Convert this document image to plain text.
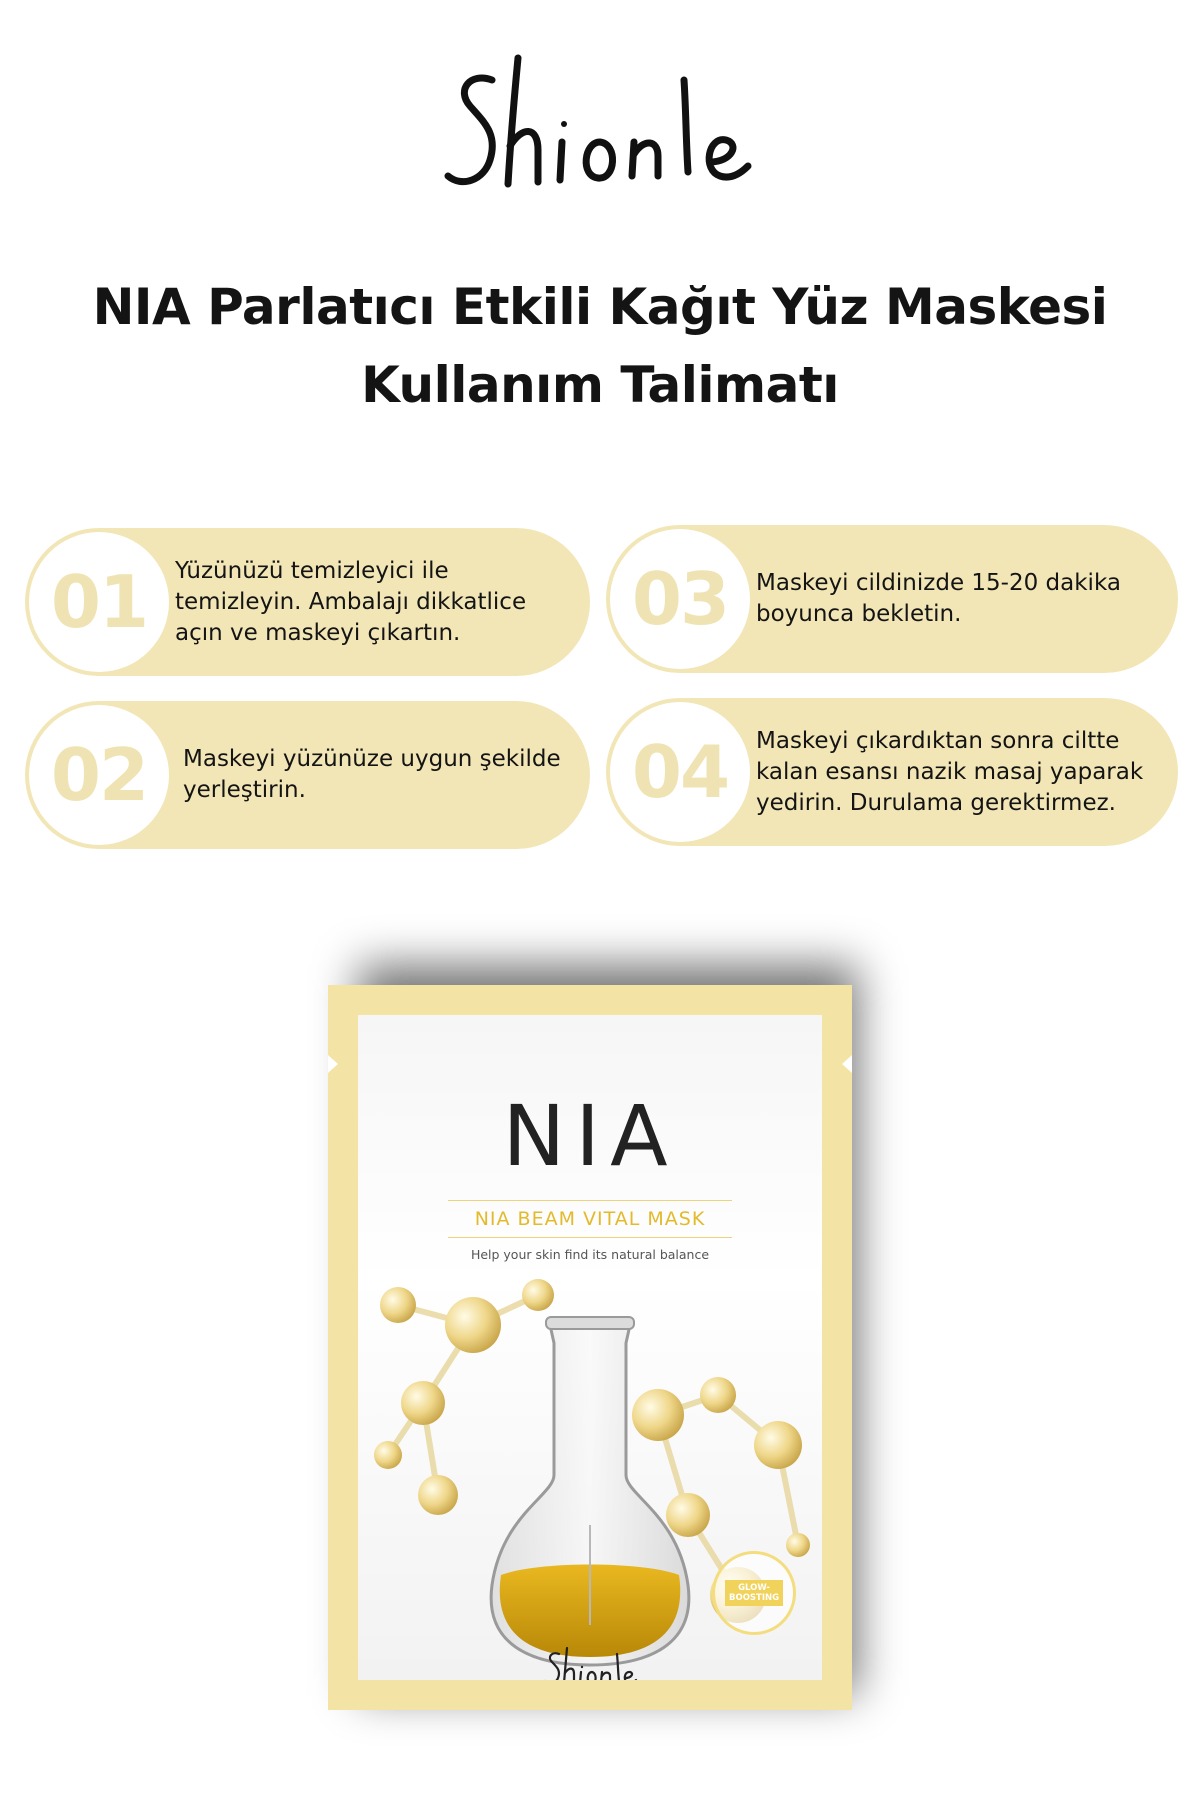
NIA Parlatıcı Etkili Kağıt Yüz Maskesi
Kullanım Talimatı
01	Yüzünüzü temizleyici ile temizleyin. Ambalajı dikkatlice açın ve maskeyi çıkartın.	03	Maskeyi cildinizde 15-20 dakika boyunca bekletin.
02	Maskeyi yüzünüze uygun şekilde yerleştirin.	04	Maskeyi çıkardıktan sonra ciltte kalan esansı nazik masaj yaparak yedirin. Durulama gerektirmez.
NIA
NIA BEAM VITAL MASK
Help your skin find its natural balance
GLOW-BOOSTING
